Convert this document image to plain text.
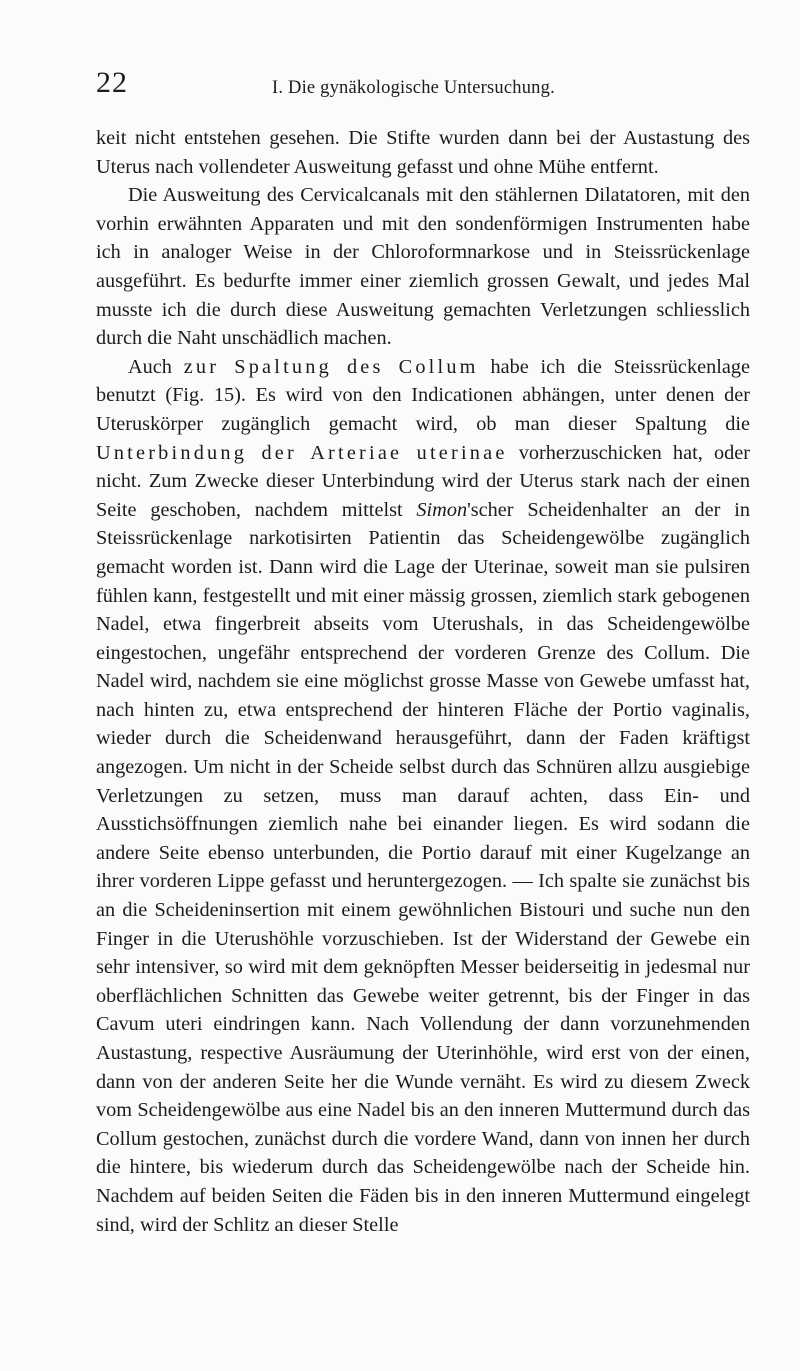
22	I. Die gynäkologische Untersuchung.

keit nicht entstehen gesehen. Die Stifte wurden dann bei der Austastung des Uterus nach vollendeter Ausweitung gefasst und ohne Mühe entfernt.

Die Ausweitung des Cervicalcanals mit den stählernen Dilatatoren, mit den vorhin erwähnten Apparaten und mit den sondenförmigen Instrumenten habe ich in analoger Weise in der Chloroformnarkose und in Steissrückenlage ausgeführt. Es bedurfte immer einer ziemlich grossen Gewalt, und jedes Mal musste ich die durch diese Ausweitung gemachten Verletzungen schliesslich durch die Naht unschädlich machen.

Auch zur Spaltung des Collum habe ich die Steissrückenlage benutzt (Fig. 15). Es wird von den Indicationen abhängen, unter denen der Uteruskörper zugänglich gemacht wird, ob man dieser Spaltung die Unterbindung der Arteriae uterinae vorherzuschicken hat, oder nicht. Zum Zwecke dieser Unterbindung wird der Uterus stark nach der einen Seite geschoben, nachdem mittelst Simon'scher Scheidenhalter an der in Steissrückenlage narkotisirten Patientin das Scheidengewölbe zugänglich gemacht worden ist. Dann wird die Lage der Uterinae, soweit man sie pulsiren fühlen kann, festgestellt und mit einer mässig grossen, ziemlich stark gebogenen Nadel, etwa fingerbreit abseits vom Uterushals, in das Scheidengewölbe eingestochen, ungefähr entsprechend der vorderen Grenze des Collum. Die Nadel wird, nachdem sie eine möglichst grosse Masse von Gewebe umfasst hat, nach hinten zu, etwa entsprechend der hinteren Fläche der Portio vaginalis, wieder durch die Scheidenwand herausgeführt, dann der Faden kräftigst angezogen. Um nicht in der Scheide selbst durch das Schnüren allzu ausgiebige Verletzungen zu setzen, muss man darauf achten, dass Ein- und Ausstichsöffnungen ziemlich nahe bei einander liegen. Es wird sodann die andere Seite ebenso unterbunden, die Portio darauf mit einer Kugelzange an ihrer vorderen Lippe gefasst und heruntergezogen. — Ich spalte sie zunächst bis an die Scheideninsertion mit einem gewöhnlichen Bistouri und suche nun den Finger in die Uterushöhle vorzuschieben. Ist der Widerstand der Gewebe ein sehr intensiver, so wird mit dem geknöpften Messer beiderseitig in jedesmal nur oberflächlichen Schnitten das Gewebe weiter getrennt, bis der Finger in das Cavum uteri eindringen kann. Nach Vollendung der dann vorzunehmenden Austastung, respective Ausräumung der Uterinhöhle, wird erst von der einen, dann von der anderen Seite her die Wunde vernäht. Es wird zu diesem Zweck vom Scheidengewölbe aus eine Nadel bis an den inneren Muttermund durch das Collum gestochen, zunächst durch die vordere Wand, dann von innen her durch die hintere, bis wiederum durch das Scheidengewölbe nach der Scheide hin. Nachdem auf beiden Seiten die Fäden bis in den inneren Muttermund eingelegt sind, wird der Schlitz an dieser Stelle
